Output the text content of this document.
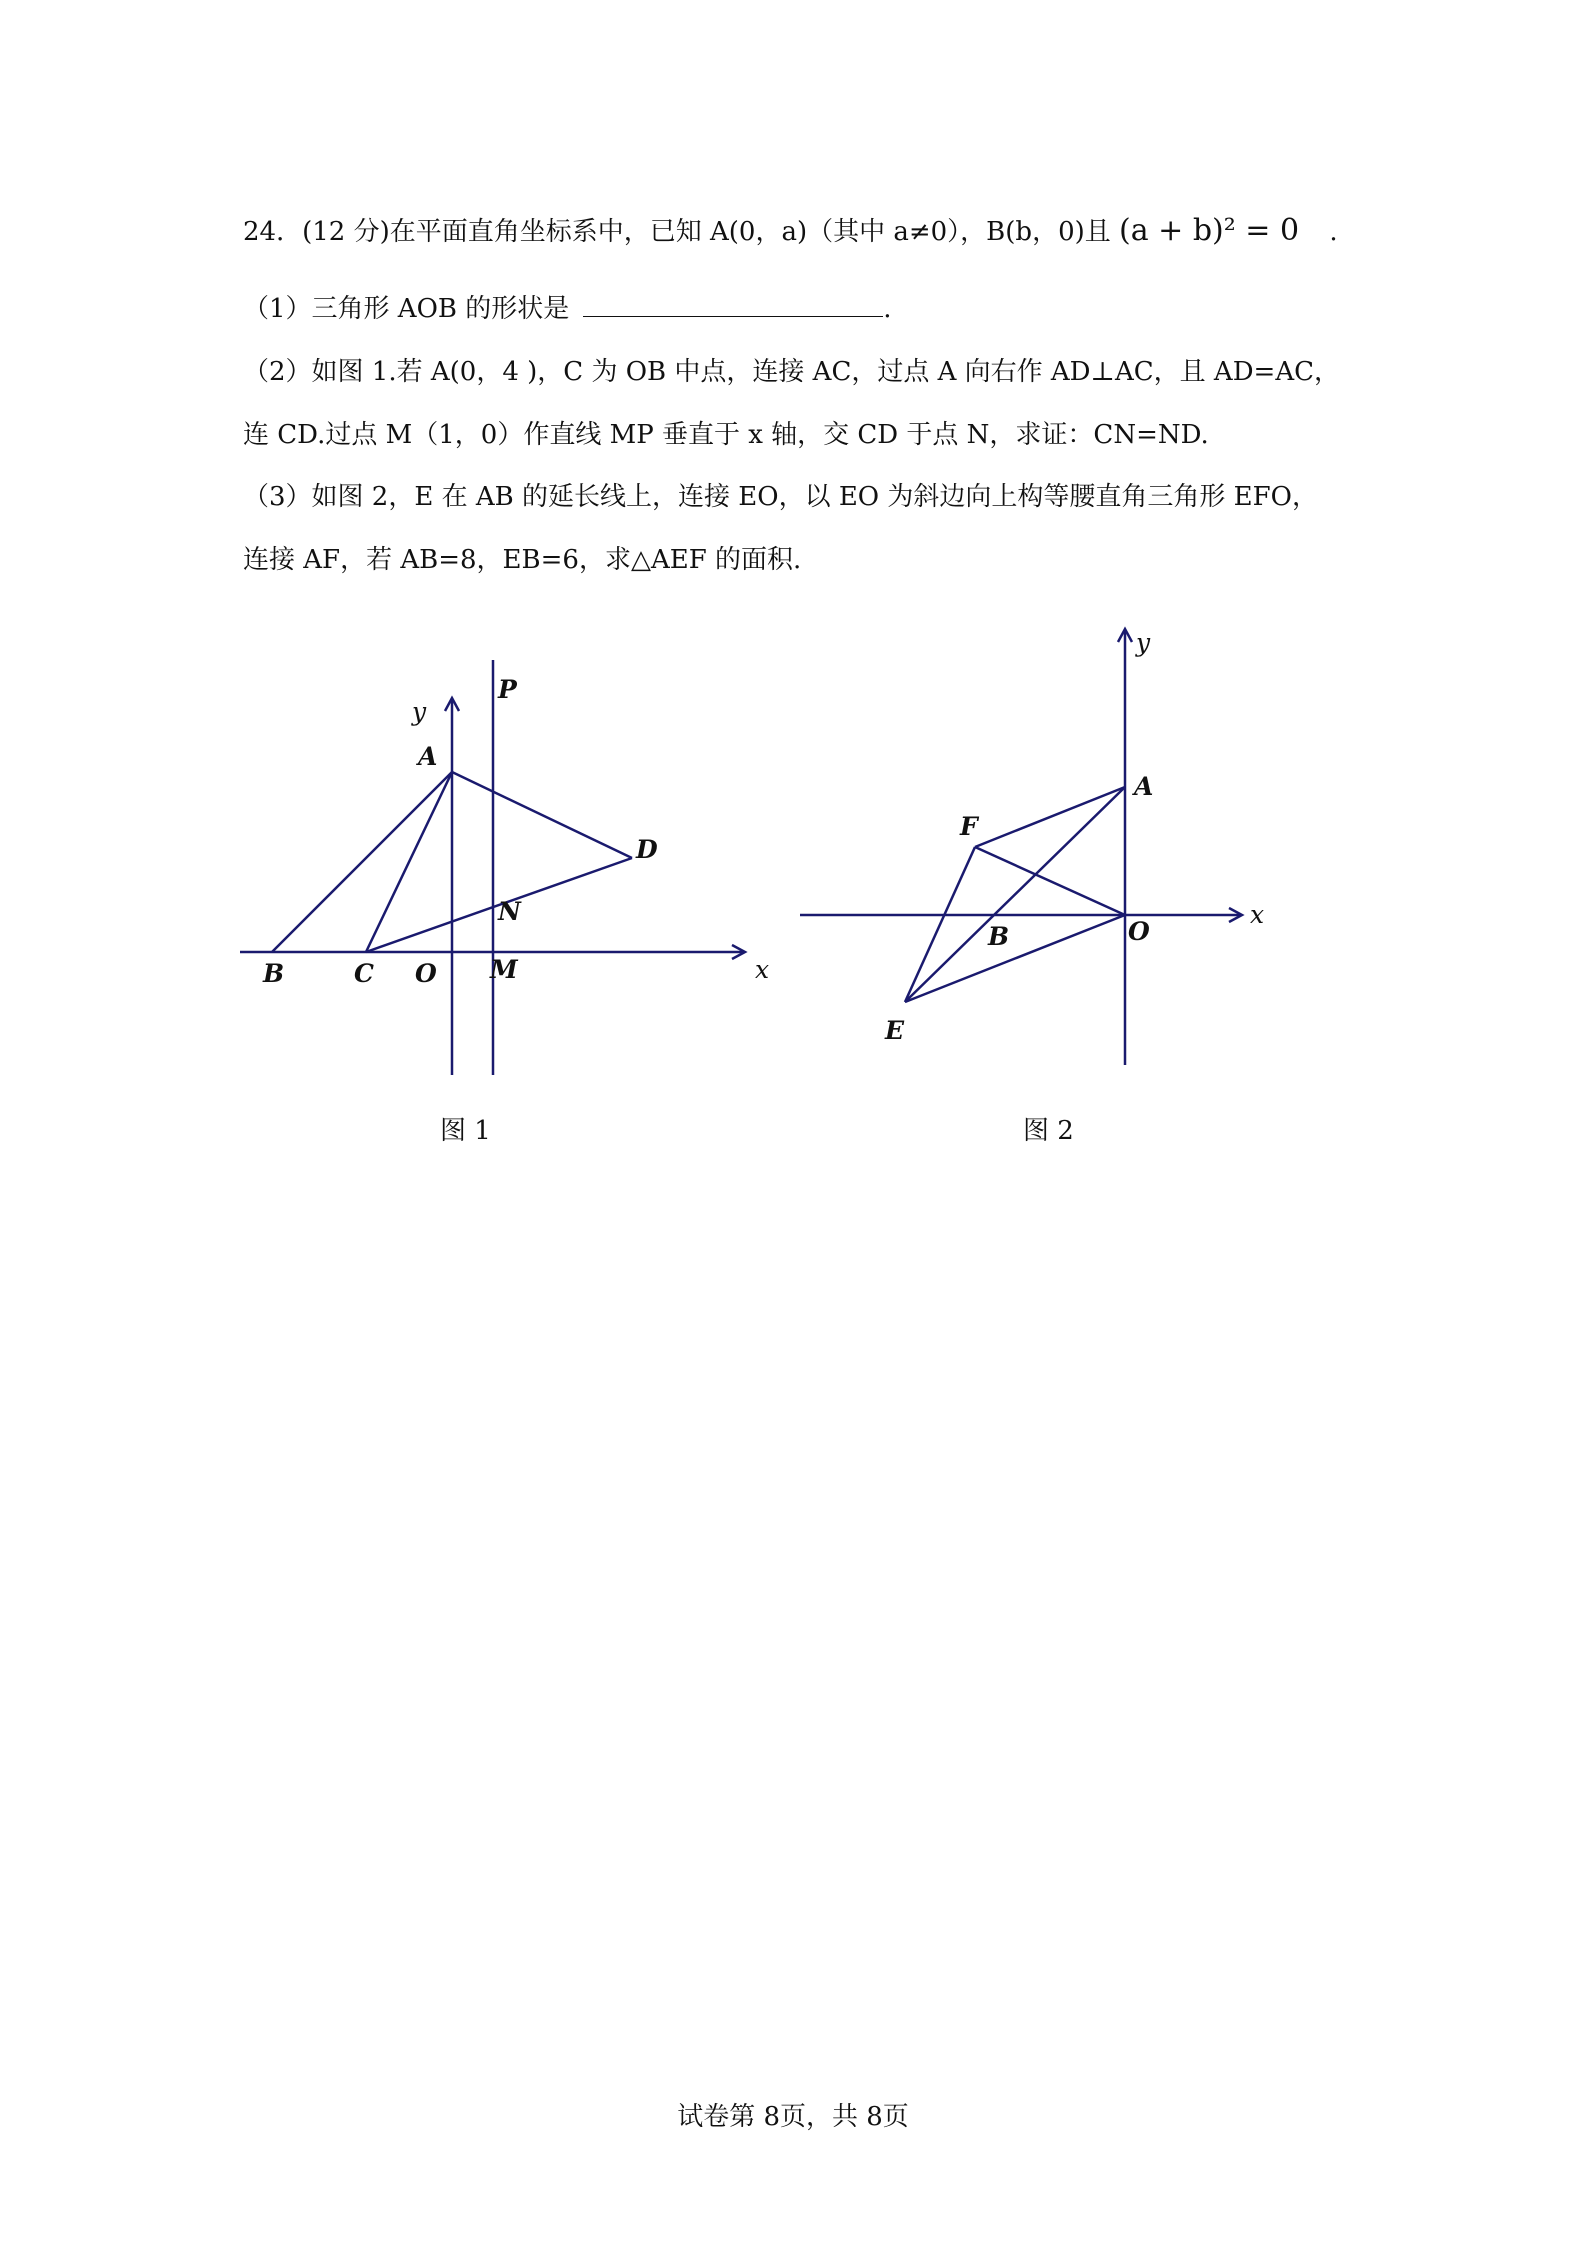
24．(12 分)在平面直角坐标系中，已知 A(0，a)（其中 a≠0），B(b，0)且 (a + b)² = 0 .
（1）三角形 AOB 的形状是	.
（2）如图 1.若 A(0，4 )，C 为 OB 中点，连接 AC，过点 A 向右作 AD⊥AC，且 AD=AC，
连 CD.过点 M（1，0）作直线 MP 垂直于 x 轴，交 CD 于点 N，求证：CN=ND.
（3）如图 2，E 在 AB 的延长线上，连接 EO，以 EO 为斜边向上构等腰直角三角形 EFO，
连接 AF，若 AB=8，EB=6，求△AEF 的面积.
y
P
A
D
N
B	C O M	x
y
A
F
x
B	O
E
图 1	图 2
试卷第 8页，共 8页
